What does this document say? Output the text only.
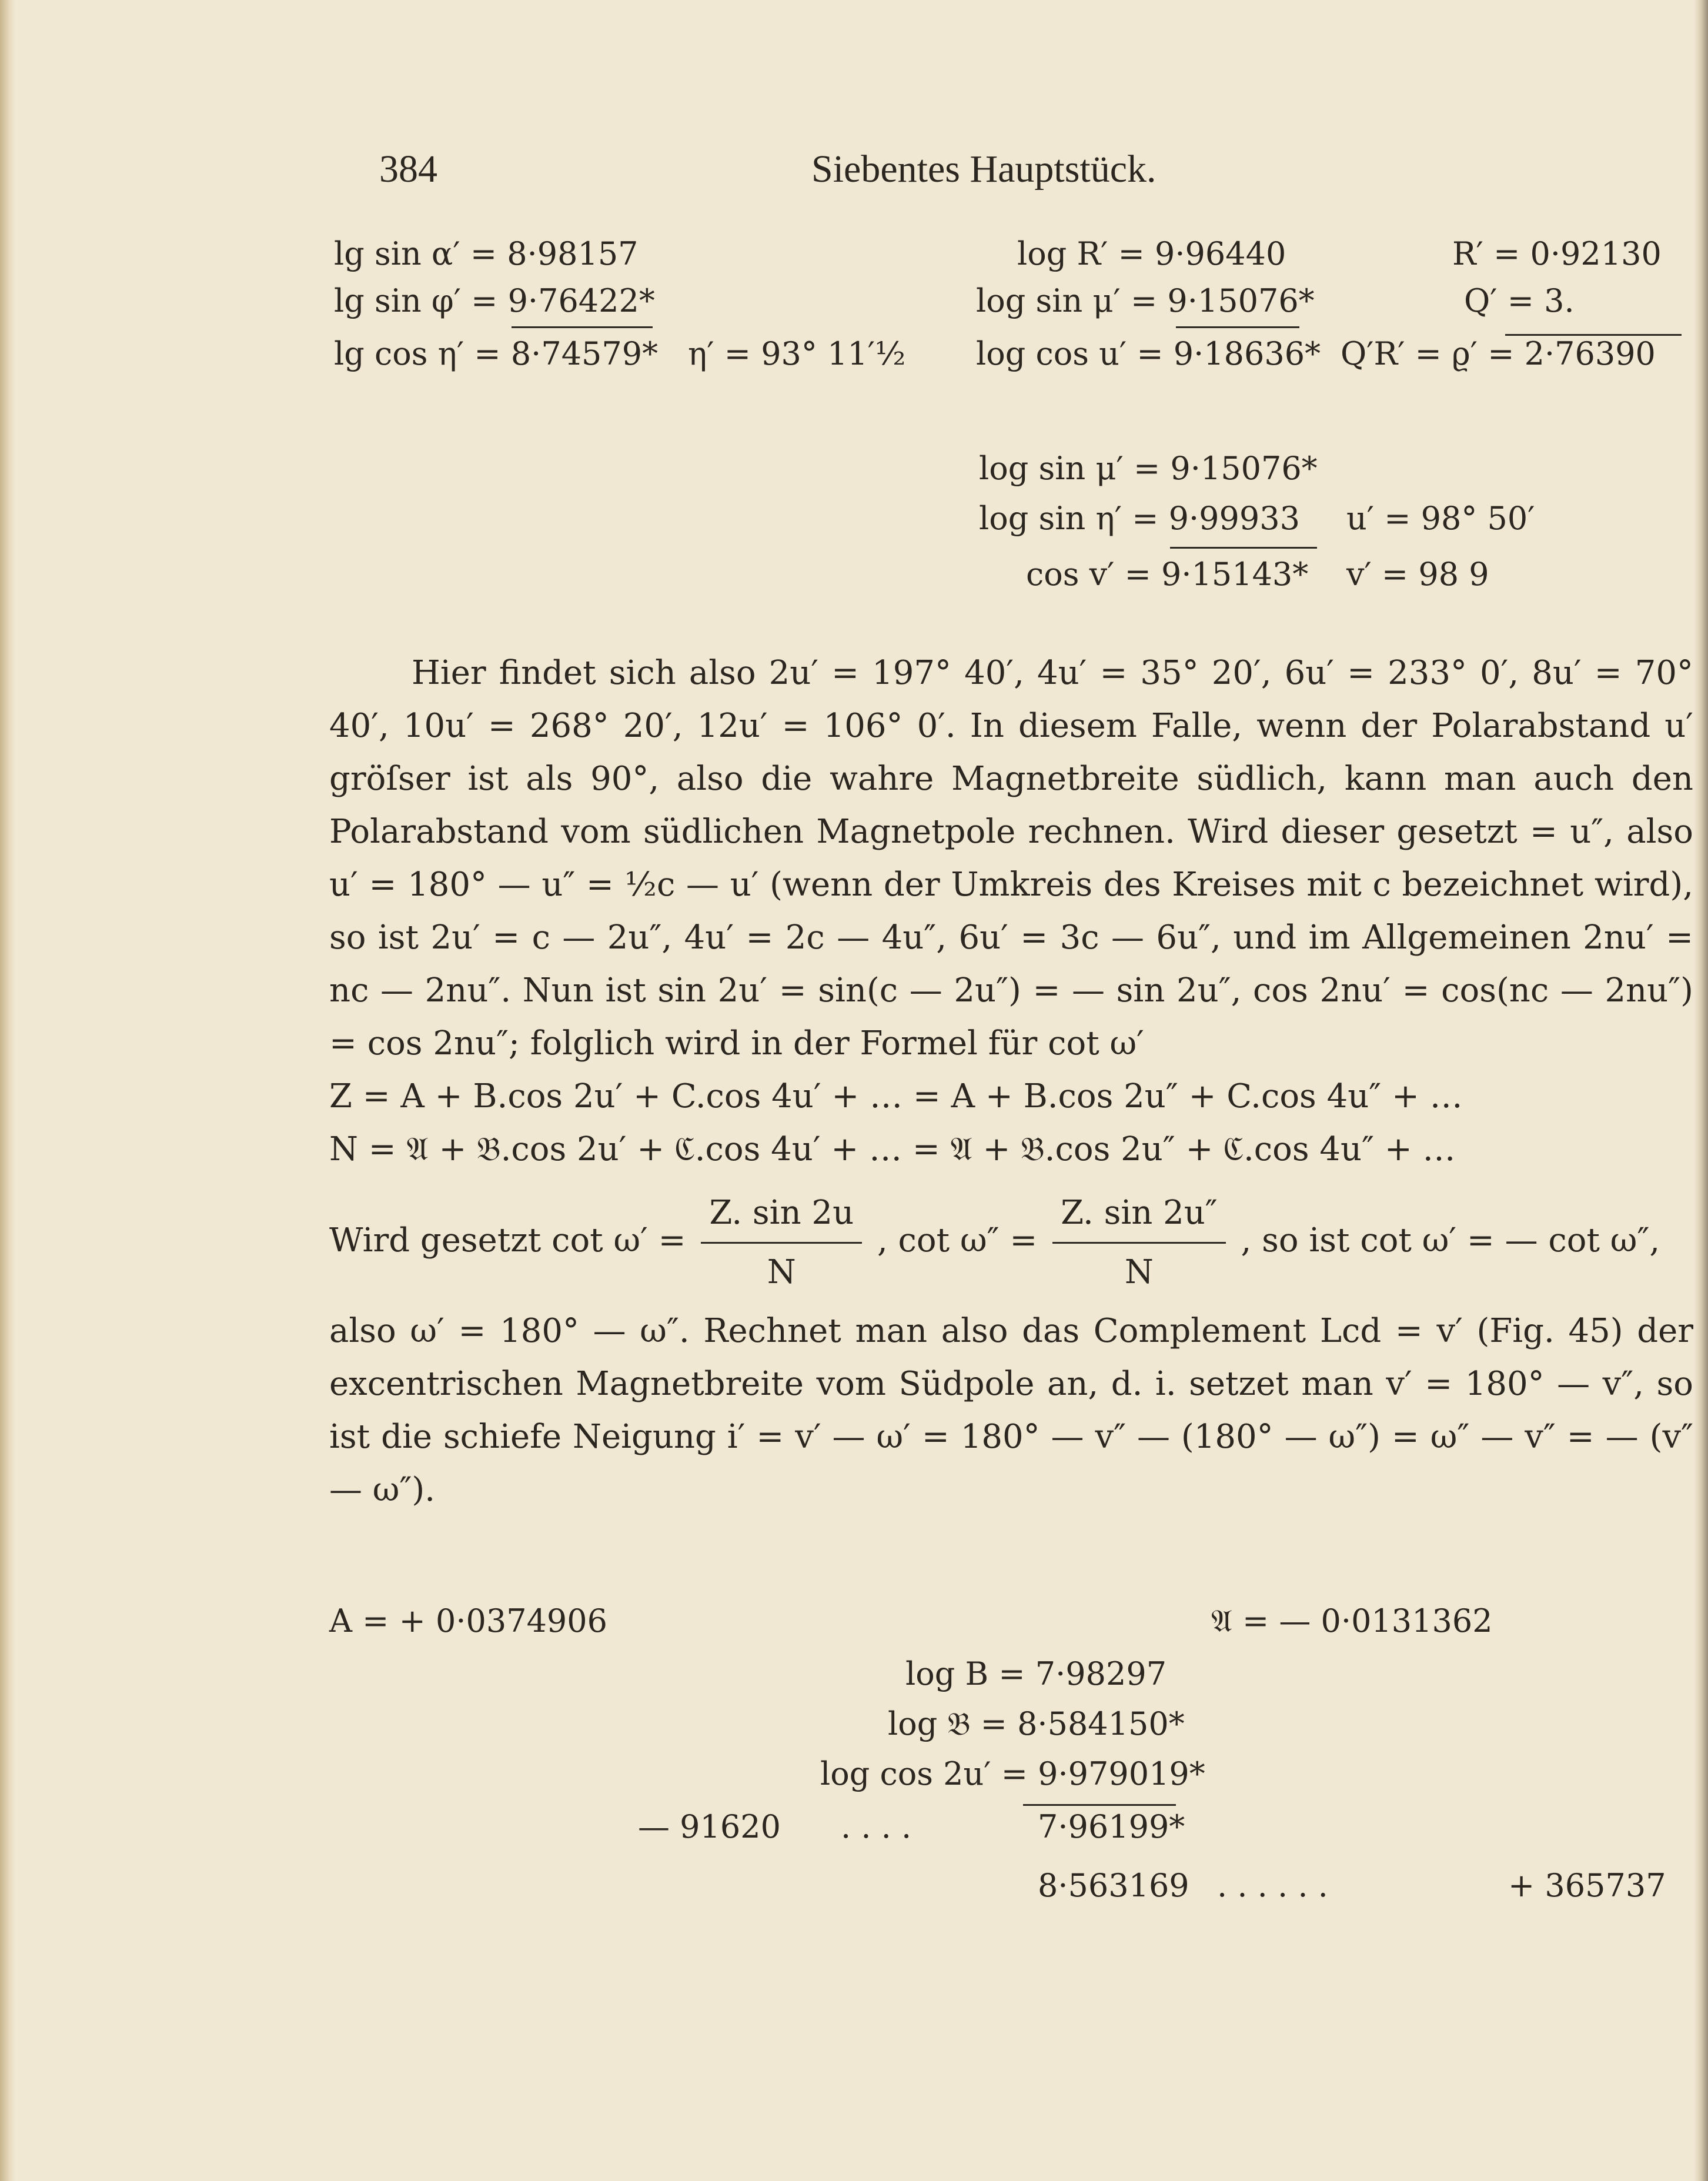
384	Siebentes Hauptstück.
lg sin α′ = 8·98157	log R′ = 9·96440	R′ = 0·92130
lg sin φ′ = 9·76422*	log sin μ′ = 9·15076*	Q′ = 3.
lg cos η′ = 8·74579* η′ = 93° 11′½ log cos u′ = 9·18636* Q′R′ = ϱ′ = 2·76390
log sin μ′ = 9·15076*
log sin η′ = 9·99933 u′ = 98° 50′
cos v′ = 9·15143* v′ = 98 9

Hier findet sich also 2u′ = 197° 40′, 4u′ = 35° 20′, 6u′ = 233° 0′, 8u′ = 70° 40′, 10u′ = 268° 20′, 12u′ = 106° 0′. In diesem Falle, wenn der Polarabstand u′ gröſser ist als 90°, also die wahre Magnetbreite südlich, kann man auch den Polarabstand vom südlichen Magnetpole rechnen. Wird dieser gesetzt = u″, also u′ = 180° — u″ = ½c — u′ (wenn der Umkreis des Kreises mit c bezeichnet wird), so ist 2u′ = c — 2u″, 4u′ = 2c — 4u″, 6u′ = 3c — 6u″, und im Allgemeinen 2nu′ = nc — 2nu″. Nun ist sin 2u′ = sin(c — 2u″) = — sin 2u″, cos 2nu′ = cos(nc — 2nu″) = cos 2nu″; folglich wird in der Formel für cot ω′

Z = A + B.cos 2u′ + C.cos 4u′ + … = A + B.cos 2u″ + C.cos 4u″ + …
N = 𝔄 + 𝔅.cos 2u′ + ℭ.cos 4u′ + … = 𝔄 + 𝔅.cos 2u″ + ℭ.cos 4u″ + …
Wird gesetzt $\cot \omega' = \frac{Z. \sin 2u}{N}$ , $\cot \omega'' = \frac{Z. \sin 2u''}{N}$ , so ist cot ω′ = — cot ω″,

also ω′ = 180° — ω″. Rechnet man also das Complement Lcd = v′ (Fig. 45) der excentrischen Magnetbreite vom Südpole an, d. i. setzet man v′ = 180° — v″, so ist die schiefe Neigung i′ = v′ — ω′ = 180° — v″ — (180° — ω″) = ω″ — v″ = — (v″ — ω″).

A = + 0·0374906	𝔄 = — 0·0131362
log B = 7·98297
log 𝔅 = 8·584150*
log cos 2u′ = 9·979019*
— 91620 . . . .	7·96199*
8·563169 . . . . . .	+ 365737
